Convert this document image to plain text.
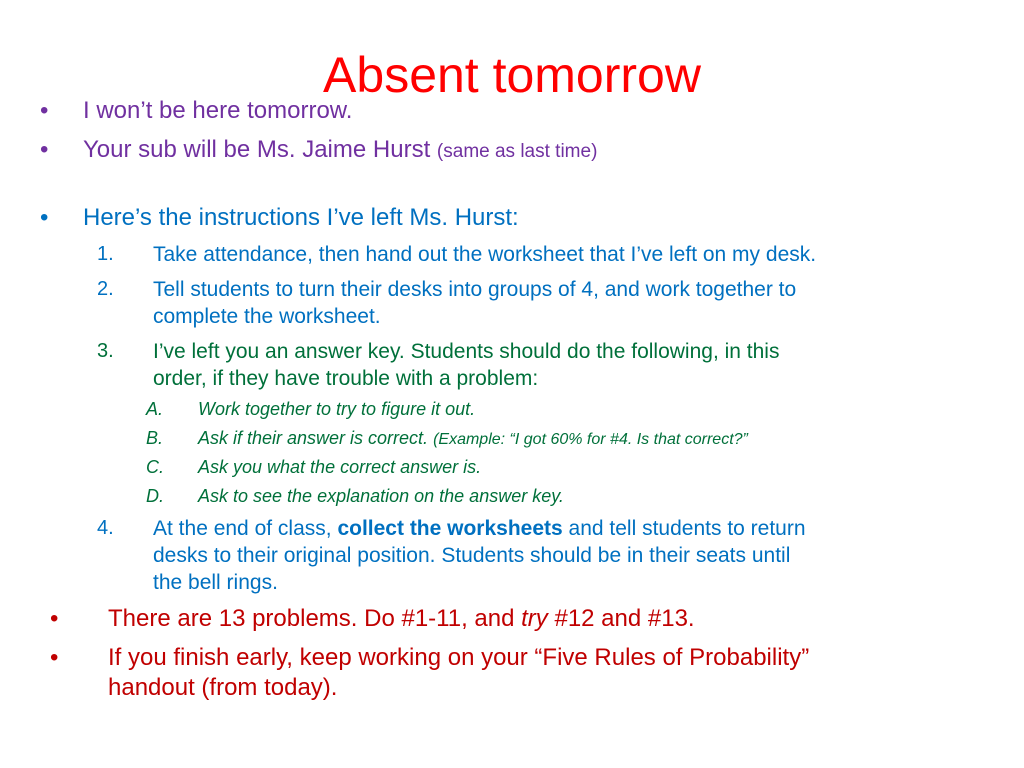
Absent tomorrow
• I won’t be here tomorrow.

• Your sub will be Ms. Jaime Hurst (same as last time)

• Here’s the instructions I’ve left Ms. Hurst:

1. Take attendance, then hand out the worksheet that I’ve left on my desk.

2. Tell students to turn their desks into groups of 4, and work together to

complete the worksheet.

3. I’ve left you an answer key. Students should do the following, in this

order, if they have trouble with a problem:

A. Work together to try to figure it out.

B. Ask if their answer is correct. (Example: “I got 60% for #4. Is that correct?”

C. Ask you what the correct answer is.

D. Ask to see the explanation on the answer key.

4. At the end of class, collect the worksheets and tell students to return

desks to their original position. Students should be in their seats until

the bell rings.

• There are 13 problems. Do #1-11, and try #12 and #13.

• If you finish early, keep working on your “Five Rules of Probability”

handout (from today).
